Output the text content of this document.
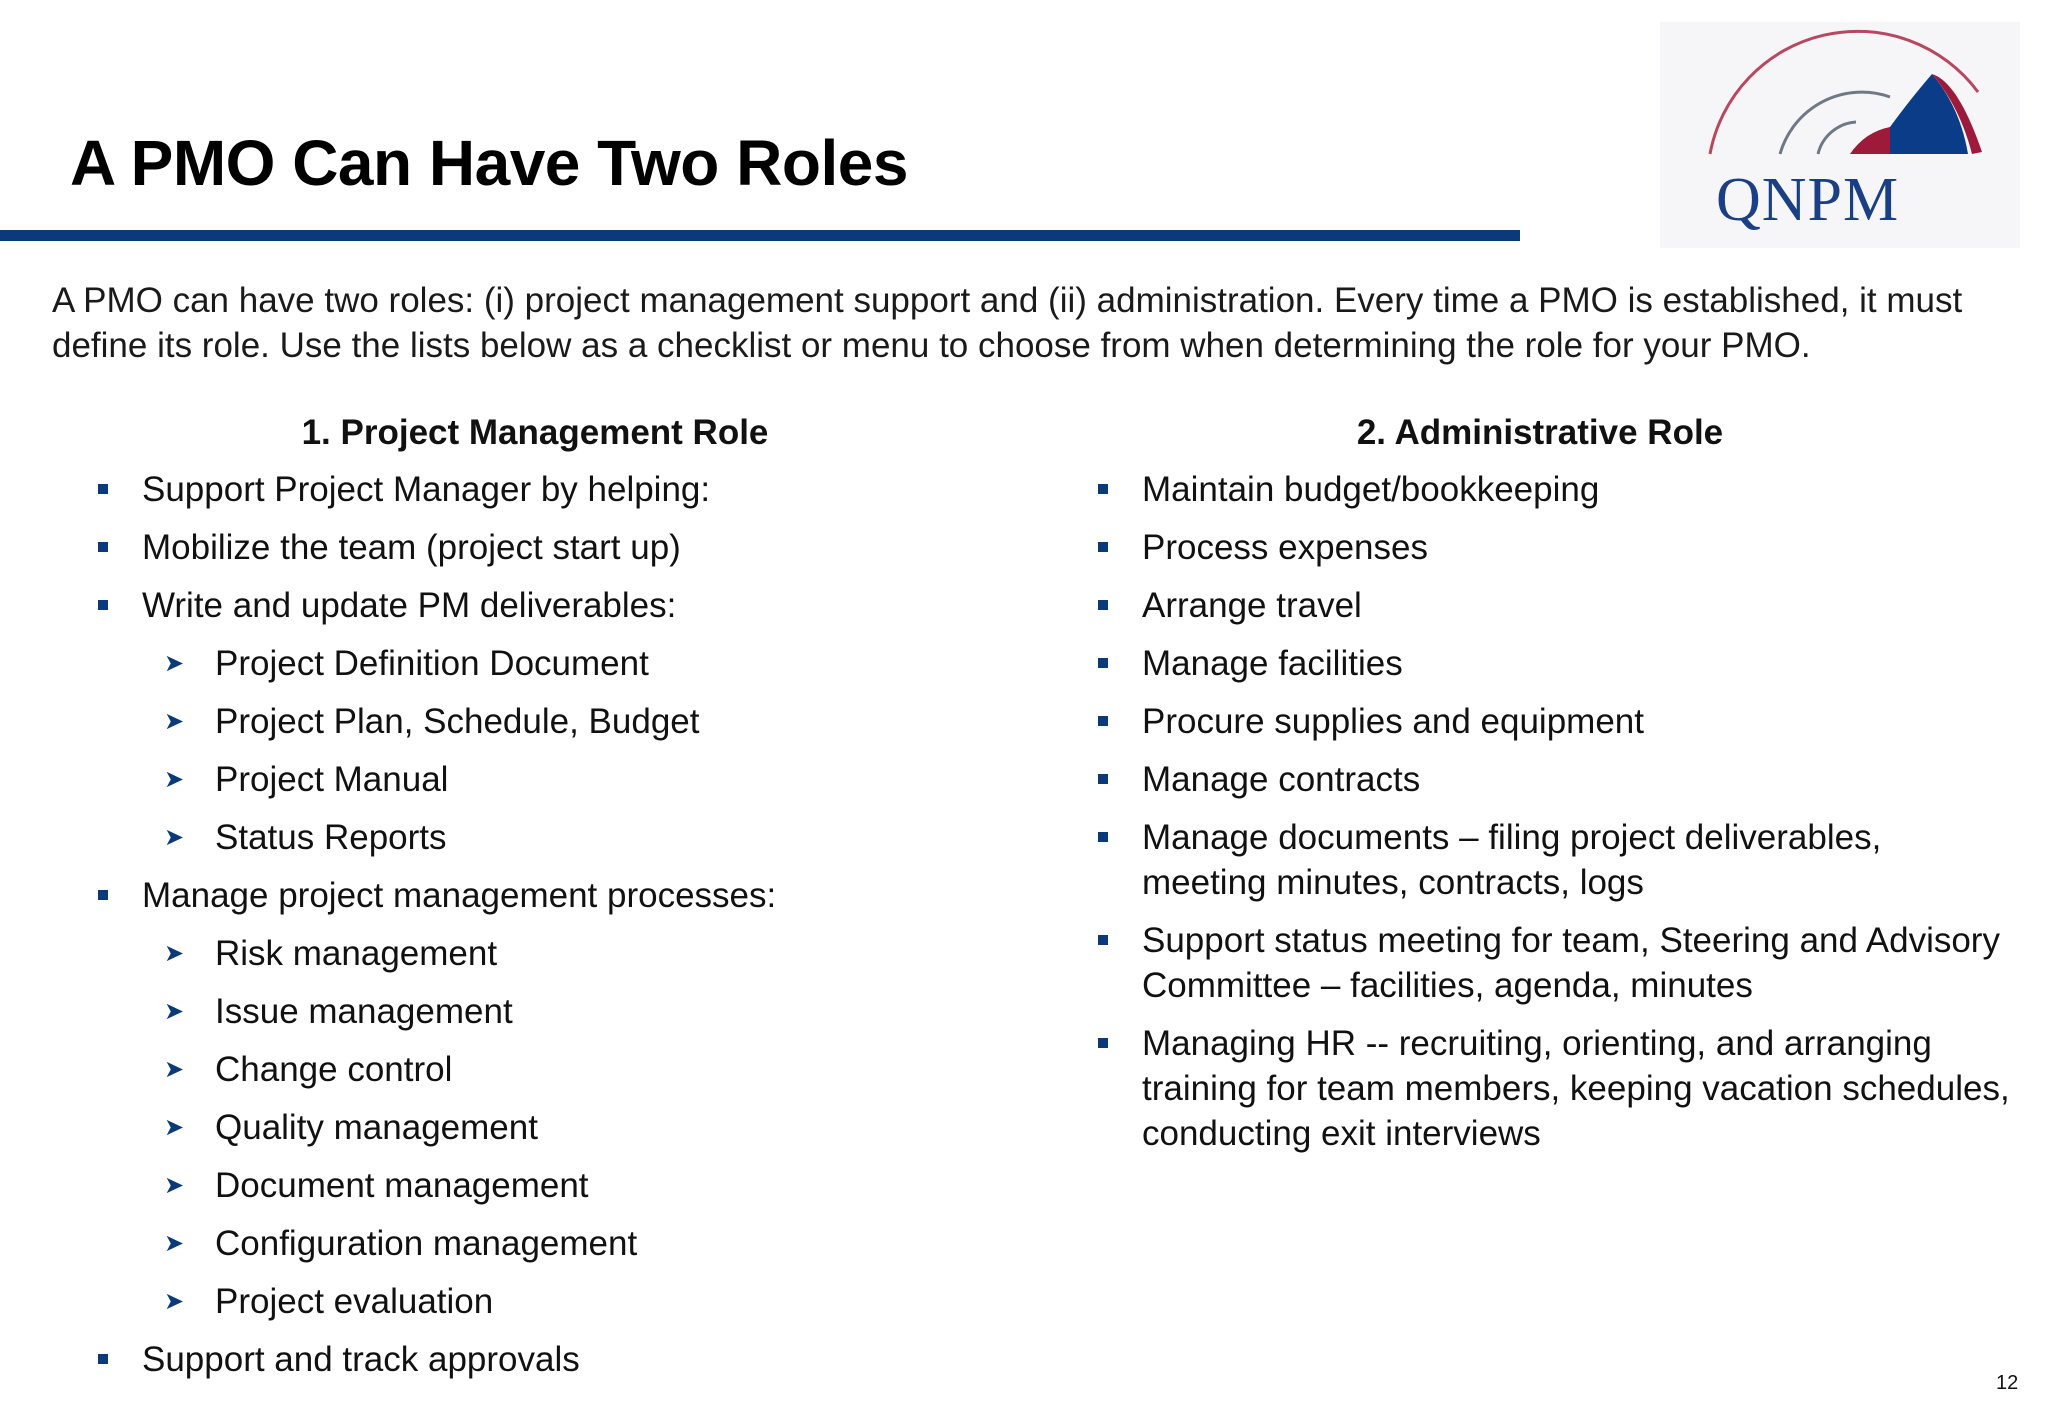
A PMO Can Have Two Roles
QNPM
A PMO can have two roles: (i) project management support and (ii) administration. Every time a PMO is established, it must define its role. Use the lists below as a checklist or menu to choose from when determining the role for your PMO.
1. Project Management Role
Support Project Manager by helping:
Mobilize the team (project start up)
Write and update PM deliverables:
➤ Project Definition Document
➤ Project Plan, Schedule, Budget
➤ Project Manual
➤ Status Reports
Manage project management processes:
➤ Risk management
➤ Issue management
➤ Change control
➤ Quality management
➤ Document management
➤ Configuration management
➤ Project evaluation
Support and track approvals
2. Administrative Role
Maintain budget/bookkeeping
Process expenses
Arrange travel
Manage facilities
Procure supplies and equipment
Manage contracts
Manage documents – filing project deliverables, meeting minutes, contracts, logs
Support status meeting for team, Steering and Advisory Committee – facilities, agenda, minutes
Managing HR -- recruiting, orienting, and arranging training for team members, keeping vacation schedules, conducting exit interviews
12
